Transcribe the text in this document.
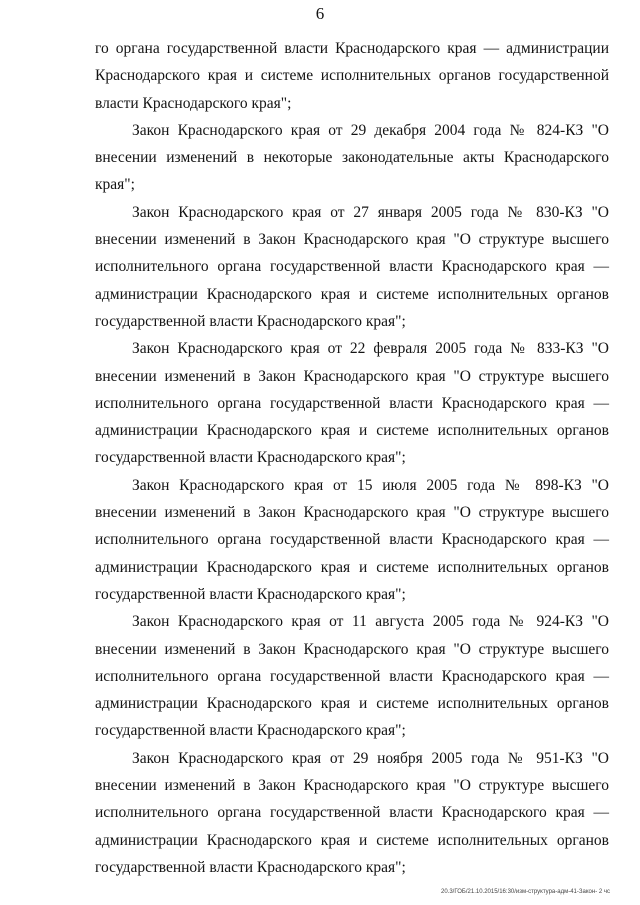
6

го органа государственной власти Краснодарского края — администрации Краснодарского края и системе исполнительных органов государственной власти Краснодарского края";

Закон Краснодарского края от 29 декабря 2004 года № 824-КЗ "О внесении изменений в некоторые законодательные акты Краснодарского края";

Закон Краснодарского края от 27 января 2005 года № 830-КЗ "О внесении изменений в Закон Краснодарского края "О структуре высшего исполнительного органа государственной власти Краснодарского края — администрации Краснодарского края и системе исполнительных органов государственной власти Краснодарского края";

Закон Краснодарского края от 22 февраля 2005 года № 833-КЗ "О внесении изменений в Закон Краснодарского края "О структуре высшего исполнительного органа государственной власти Краснодарского края — администрации Краснодарского края и системе исполнительных органов государственной власти Краснодарского края";

Закон Краснодарского края от 15 июля 2005 года № 898-КЗ "О внесении изменений в Закон Краснодарского края "О структуре высшего исполнительного органа государственной власти Краснодарского края — администрации Краснодарского края и системе исполнительных органов государственной власти Краснодарского края";

Закон Краснодарского края от 11 августа 2005 года № 924-КЗ "О внесении изменений в Закон Краснодарского края "О структуре высшего исполнительного органа государственной власти Краснодарского края — администрации Краснодарского края и системе исполнительных органов государственной власти Краснодарского края";

Закон Краснодарского края от 29 ноября 2005 года № 951-КЗ "О внесении изменений в Закон Краснодарского края "О структуре высшего исполнительного органа государственной власти Краснодарского края — администрации Краснодарского края и системе исполнительных органов государственной власти Краснодарского края";

20.3/ГОБ/21.10.2015/16:30/изм-структура-адм-41-Закон- 2 чс
